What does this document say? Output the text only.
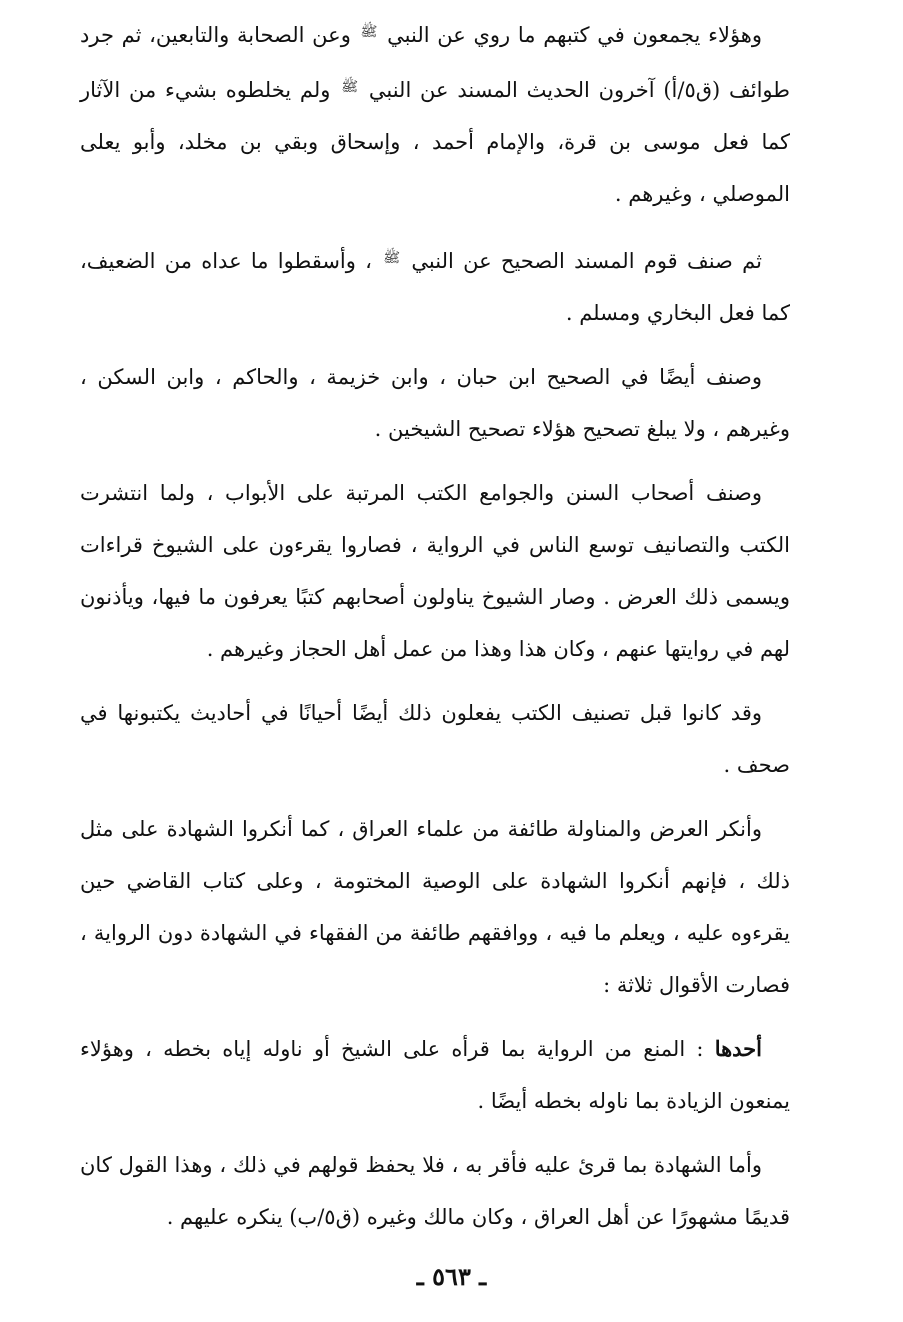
وهؤلاء يجمعون في كتبهم ما روي عن النبي $^ﷺ$ وعن الصحابة والتابعين، ثم جرد طوائف (ق٥/أ) آخرون الحديث المسند عن النبي $^ﷺ$ ولم يخلطوه بشيء من الآثار كما فعل موسى بن قرة، والإمام أحمد ، وإسحاق وبقي بن مخلد، وأبو يعلى الموصلي ، وغيرهم .

ثم صنف قوم المسند الصحيح عن النبي $^ﷺ$ ، وأسقطوا ما عداه من الضعيف، كما فعل البخاري ومسلم .

وصنف أيضًا في الصحيح ابن حبان ، وابن خزيمة ، والحاكم ، وابن السكن ، وغيرهم ، ولا يبلغ تصحيح هؤلاء تصحيح الشيخين .

وصنف أصحاب السنن والجوامع الكتب المرتبة على الأبواب ، ولما انتشرت الكتب والتصانيف توسع الناس في الرواية ، فصاروا يقرءون على الشيوخ قراءات ويسمى ذلك العرض . وصار الشيوخ يناولون أصحابهم كتبًا يعرفون ما فيها، ويأذنون لهم في روايتها عنهم ، وكان هذا وهذا من عمل أهل الحجاز وغيرهم .

وقد كانوا قبل تصنيف الكتب يفعلون ذلك أيضًا أحيانًا في أحاديث يكتبونها في صحف .

وأنكر العرض والمناولة طائفة من علماء العراق ، كما أنكروا الشهادة على مثل ذلك ، فإنهم أنكروا الشهادة على الوصية المختومة ، وعلى كتاب القاضي حين يقرءوه عليه ، ويعلم ما فيه ، ووافقهم طائفة من الفقهاء في الشهادة دون الرواية ، فصارت الأقوال ثلاثة :

أحدها : المنع من الرواية بما قرأه على الشيخ أو ناوله إياه بخطه ، وهؤلاء يمنعون الزيادة بما ناوله بخطه أيضًا .

وأما الشهادة بما قرئ عليه فأقر به ، فلا يحفظ قولهم في ذلك ، وهذا القول كان قديمًا مشهورًا عن أهل العراق ، وكان مالك وغيره (ق٥/ب) ينكره عليهم .

ـ ٥٦٣ ـ
